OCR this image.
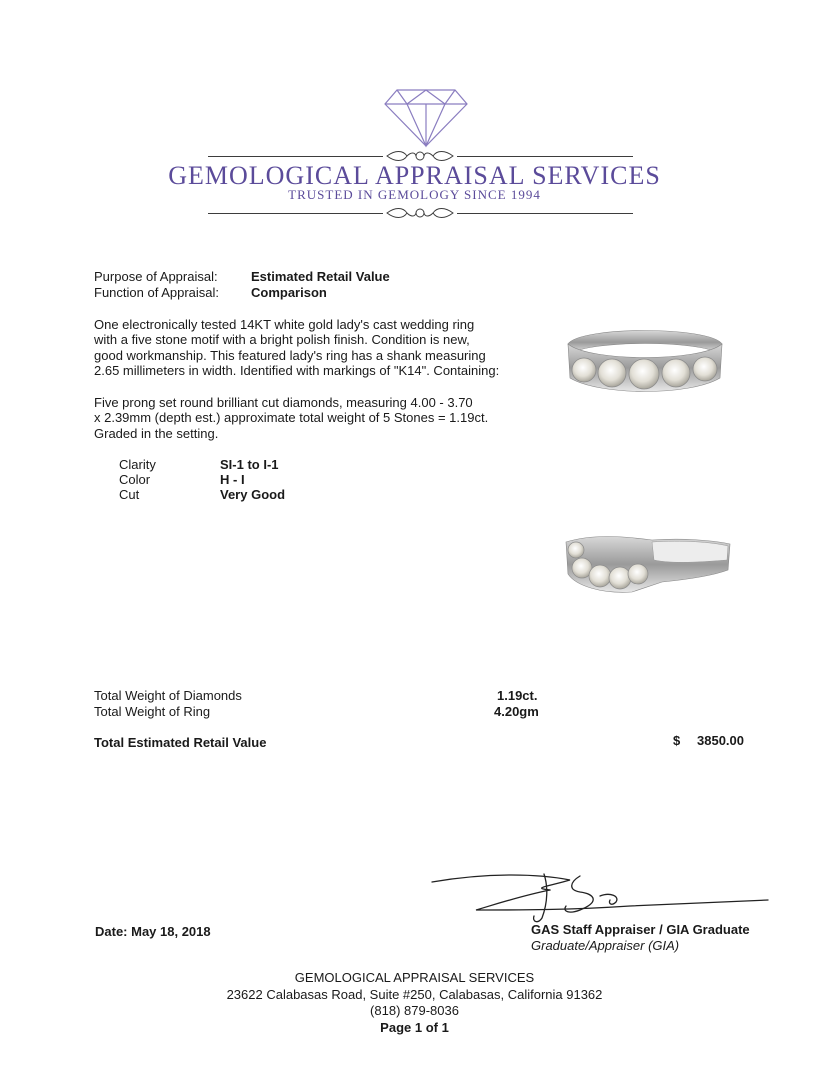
GEMOLOGICAL APPRAISAL SERVICES
TRUSTED IN GEMOLOGY SINCE 1994
Purpose of Appraisal:	Estimated Retail Value
Function of Appraisal: Comparison
One electronically tested 14KT white gold lady's cast wedding ring
with a five stone motif with a bright polish finish. Condition is new,
good workmanship. This featured lady's ring has a shank measuring
2.65 millimeters in width. Identified with markings of "K14". Containing:
Five prong set round brilliant cut diamonds, measuring 4.00 - 3.70
x 2.39mm (depth est.) approximate total weight of 5 Stones = 1.19ct.
Graded in the setting.
Clarity	SI-1 to I-1
Color	H - I
Cut	Very Good
Total Weight of Diamonds	1.19ct.
Total Weight of Ring	4.20gm
Total Estimated Retail Value	$ 3850.00
Date: May 18, 2018	GAS Staff Appraiser / GIA Graduate
Graduate/Appraiser (GIA)
GEMOLOGICAL APPRAISAL SERVICES
23622 Calabasas Road, Suite #250, Calabasas, California 91362
(818) 879-8036
Page 1 of 1
